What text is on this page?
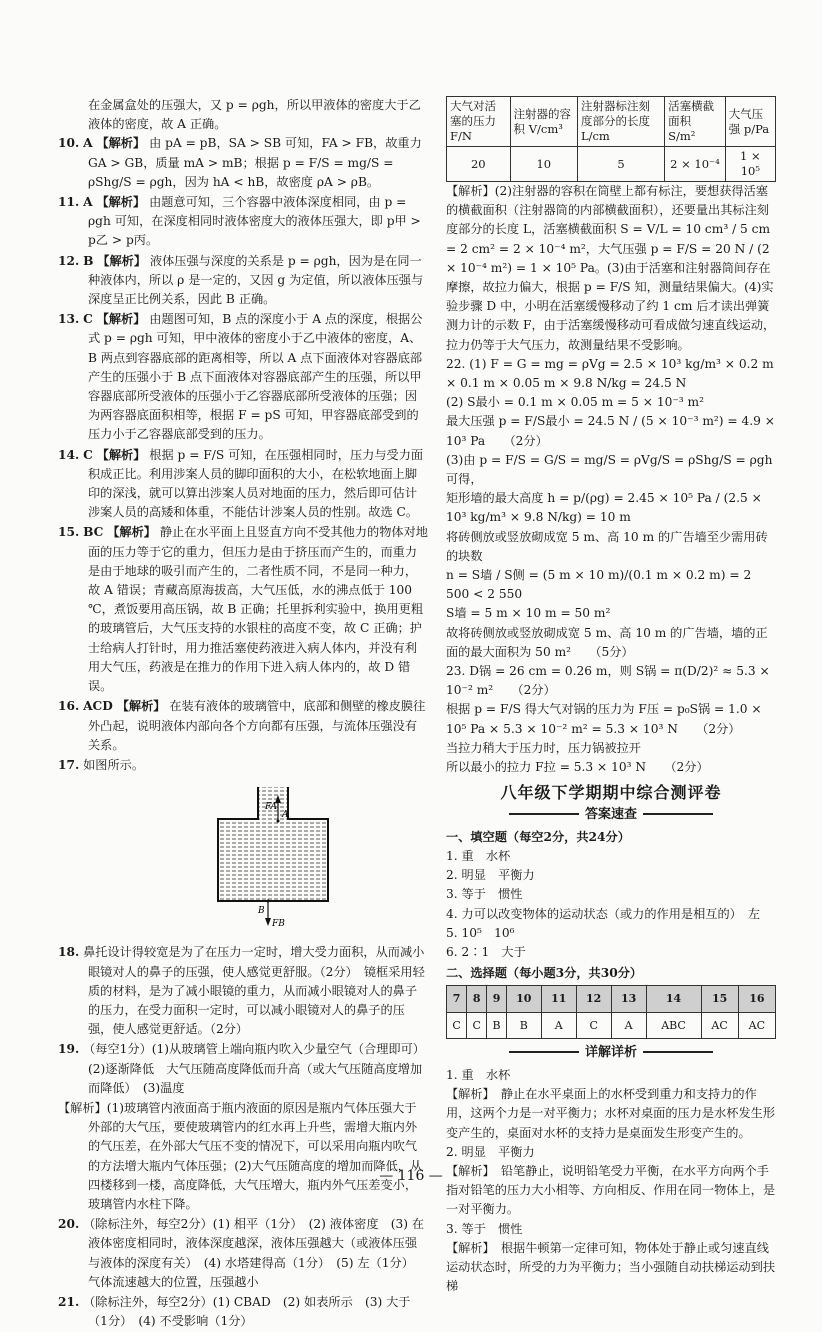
在金属盒处的压强大，又 p = ρgh，所以甲液体的密度大于乙液体的密度，故 A 正确。

10. A 【解析】 由 pA = pB，SA > SB 可知，FA > FB，故重力 GA > GB，质量 mA > mB；根据 p = F/S = mg/S = ρShg/S = ρgh，因为 hA < hB，故密度 ρA > ρB。

11. A 【解析】 由题意可知，三个容器中液体深度相同，由 p = ρgh 可知，在深度相同时液体密度大的液体压强大，即 p甲 > p乙 > p丙。

12. B 【解析】 液体压强与深度的关系是 p = ρgh，因为是在同一种液体内，所以 ρ 是一定的，又因 g 为定值，所以液体压强与深度呈正比例关系，因此 B 正确。

13. C 【解析】 由题图可知，B 点的深度小于 A 点的深度，根据公式 p = ρgh 可知，甲中液体的密度小于乙中液体的密度，A、B 两点到容器底部的距离相等，所以 A 点下面液体对容器底部产生的压强小于 B 点下面液体对容器底部产生的压强，所以甲容器底部所受液体的压强小于乙容器底部所受液体的压强；因为两容器底面积相等，根据 F = pS 可知，甲容器底部受到的压力小于乙容器底部受到的压力。

14. C 【解析】 根据 p = F/S 可知，在压强相同时，压力与受力面积成正比。利用涉案人员的脚印面积的大小，在松软地面上脚印的深浅，就可以算出涉案人员对地面的压力，然后即可估计涉案人员的高矮和体重，不能估计涉案人员的性别。故选 C。

15. BC 【解析】 静止在水平面上且竖直方向不受其他力的物体对地面的压力等于它的重力，但压力是由于挤压而产生的，而重力是由于地球的吸引而产生的，二者性质不同，不是同一种力，故 A 错误；青藏高原海拔高，大气压低，水的沸点低于 100 ℃，煮饭要用高压锅，故 B 正确；托里拆利实验中，换用更粗的玻璃管后，大气压支持的水银柱的高度不变，故 C 正确；护士给病人打针时，用力推活塞使药液进入病人体内，并没有利用大气压，药液是在推力的作用下进入病人体内的，故 D 错误。

16. ACD 【解析】 在装有液体的玻璃管中，底部和侧壁的橡皮膜往外凸起，说明液体内部向各个方向都有压强，与流体压强没有关系。

17. 如图所示。

FA
A
B
FB

18. 鼻托设计得较宽是为了在压力一定时，增大受力面积，从而减小眼镜对人的鼻子的压强，使人感觉更舒服。（2分）　镜框采用轻质的材料，是为了减小眼镜的重力，从而减小眼镜对人的鼻子的压力，在受力面积一定时，可以减小眼镜对人的鼻子的压强，使人感觉更舒适。（2分）

19. （每空1分）(1)从玻璃管上端向瓶内吹入少量空气（合理即可）　(2)逐渐降低　大气压随高度降低而升高（或大气压随高度增加而降低）　(3)温度

【解析】(1)玻璃管内液面高于瓶内液面的原因是瓶内气体压强大于外部的大气压，要使玻璃管内的红水再上升些，需增大瓶内外的气压差，在外部大气压不变的情况下，可以采用向瓶内吹气的方法增大瓶内气体压强；(2)大气压随高度的增加而降低，从四楼移到一楼，高度降低，大气压增大，瓶内外气压差变小，玻璃管内水柱下降。

20. （除标注外，每空2分）(1) 相平（1分）　(2) 液体密度　(3) 在液体密度相同时，液体深度越深，液体压强越大（或液体压强与液体的深度有关）　(4) 水塔建得高（1分）　(5) 左（1分）　气体流速越大的位置，压强越小

21. （除标注外，每空2分）(1) CBAD　(2) 如表所示　(3) 大于（1分）　(4) 不受影响（1分）

大气对活塞的压力 F/N	注射器的容积 V/cm³	注射器标注刻度部分的长度 L/cm	活塞横截面积 S/m²	大气压强 p/Pa
20	10	5	2 × 10⁻⁴	1 × 10⁵

【解析】(2)注射器的容积在筒壁上都有标注，要想获得活塞的横截面积（注射器筒的内部横截面积），还要量出其标注刻度部分的长度 L，活塞横截面积 S = V/L = 10 cm³ / 5 cm = 2 cm² = 2 × 10⁻⁴ m²，大气压强 p = F/S = 20 N / (2 × 10⁻⁴ m²) = 1 × 10⁵ Pa。(3)由于活塞和注射器筒间存在摩擦，故拉力偏大，根据 p = F/S 知，测量结果偏大。(4)实验步骤 D 中，小明在活塞缓慢移动了约 1 cm 后才读出弹簧测力计的示数 F，由于活塞缓慢移动可看成做匀速直线运动，拉力仍等于大气压力，故测量结果不受影响。

22. (1) F = G = mg = ρVg = 2.5 × 10³ kg/m³ × 0.2 m × 0.1 m × 0.05 m × 9.8 N/kg = 24.5 N

(2) S最小 = 0.1 m × 0.05 m = 5 × 10⁻³ m²

最大压强 p = F/S最小 = 24.5 N / (5 × 10⁻³ m²) = 4.9 × 10³ Pa　　（2分）

(3)由 p = F/S = G/S = mg/S = ρVg/S = ρShg/S = ρgh 可得，

矩形墙的最大高度 h = p/(ρg) = 2.45 × 10⁵ Pa / (2.5 × 10³ kg/m³ × 9.8 N/kg) = 10 m

将砖侧放或竖放砌成宽 5 m、高 10 m 的广告墙至少需用砖的块数

n = S墙 / S侧 = (5 m × 10 m)/(0.1 m × 0.2 m) = 2 500 < 2 550

S墙 = 5 m × 10 m = 50 m²

故将砖侧放或竖放砌成宽 5 m、高 10 m 的广告墙，墙的正面的最大面积为 50 m²　　（5分）

23. D锅 = 26 cm = 0.26 m，则 S锅 = π(D/2)² ≈ 5.3 × 10⁻² m²　　（2分）

根据 p = F/S 得大气对锅的压力为 F压 = p₀S锅 = 1.0 × 10⁵ Pa × 5.3 × 10⁻² m² = 5.3 × 10³ N　　（2分）

当拉力稍大于压力时，压力锅被拉开

所以最小的拉力 F拉 = 5.3 × 10³ N　　（2分）

八年级下学期期中综合测评卷
答案速查
一、填空题（每空2分，共24分）

1. 重　水杯

2. 明显　平衡力

3. 等于　惯性

4. 力可以改变物体的运动状态（或力的作用是相互的）　左

5. 10⁵　10⁶

6. 2∶1　大于

二、选择题（每小题3分，共30分）
7	8	9	10	11	12	13	14	15	16
C	C	B	B	A	C	A	ABC	AC	AC
详解详析

1. 重　水杯

【解析】　静止在水平桌面上的水杯受到重力和支持力的作用，这两个力是一对平衡力；水杯对桌面的压力是水杯发生形变产生的，桌面对水杯的支持力是桌面发生形变产生的。

2. 明显　平衡力

【解析】　铅笔静止，说明铅笔受力平衡，在水平方向两个手指对铅笔的压力大小相等、方向相反、作用在同一物体上，是一对平衡力。

3. 等于　惯性

【解析】　根据牛顿第一定律可知，物体处于静止或匀速直线运动状态时，所受的力为平衡力；当小强随自动扶梯运动到扶梯

— 116 —
